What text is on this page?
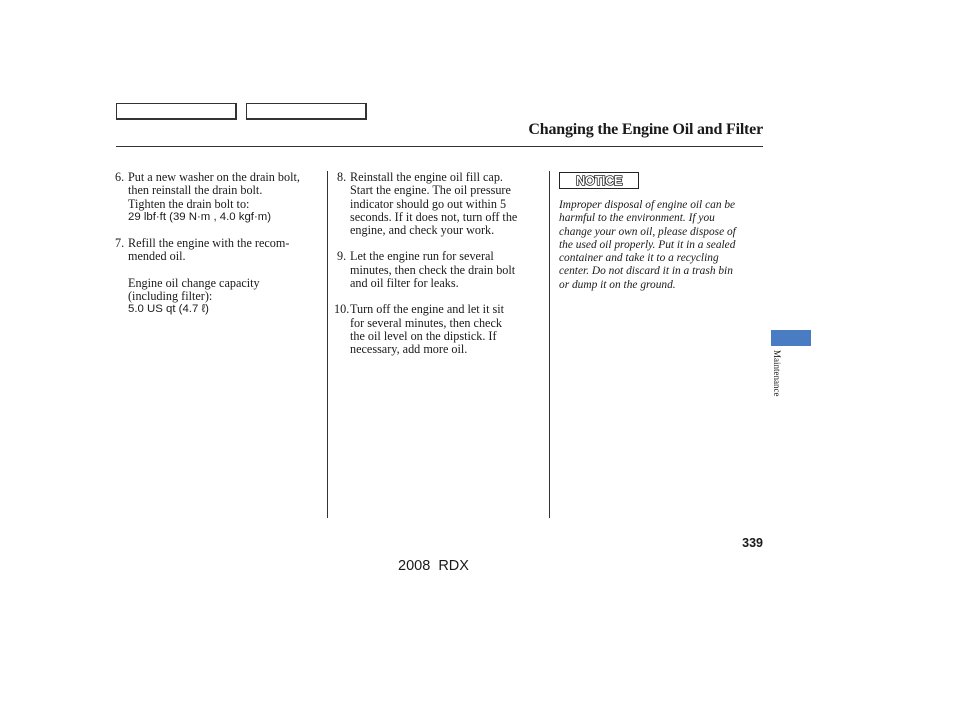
Changing the Engine Oil and Filter
6. Put a new washer on the drain bolt,
then reinstall the drain bolt.
Tighten the drain bolt to:
29 lbf·ft (39 N·m , 4.0 kgf·m)
7. Refill the engine with the recom-
mended oil.
Engine oil change capacity
(including filter):
5.0 US qt (4.7 ℓ)
8. Reinstall the engine oil fill cap.
Start the engine. The oil pressure
indicator should go out within 5
seconds. If it does not, turn off the
engine, and check your work.
9. Let the engine run for several
minutes, then check the drain bolt
and oil filter for leaks.
10. Turn off the engine and let it sit
for several minutes, then check
the oil level on the dipstick. If
necessary, add more oil.
NOTICE
Improper disposal of engine oil can be
harmful to the environment. If you
change your own oil, please dispose of
the used oil properly. Put it in a sealed
container and take it to a recycling
center. Do not discard it in a trash bin
or dump it on the ground.
Maintenance
339
2008  RDX
